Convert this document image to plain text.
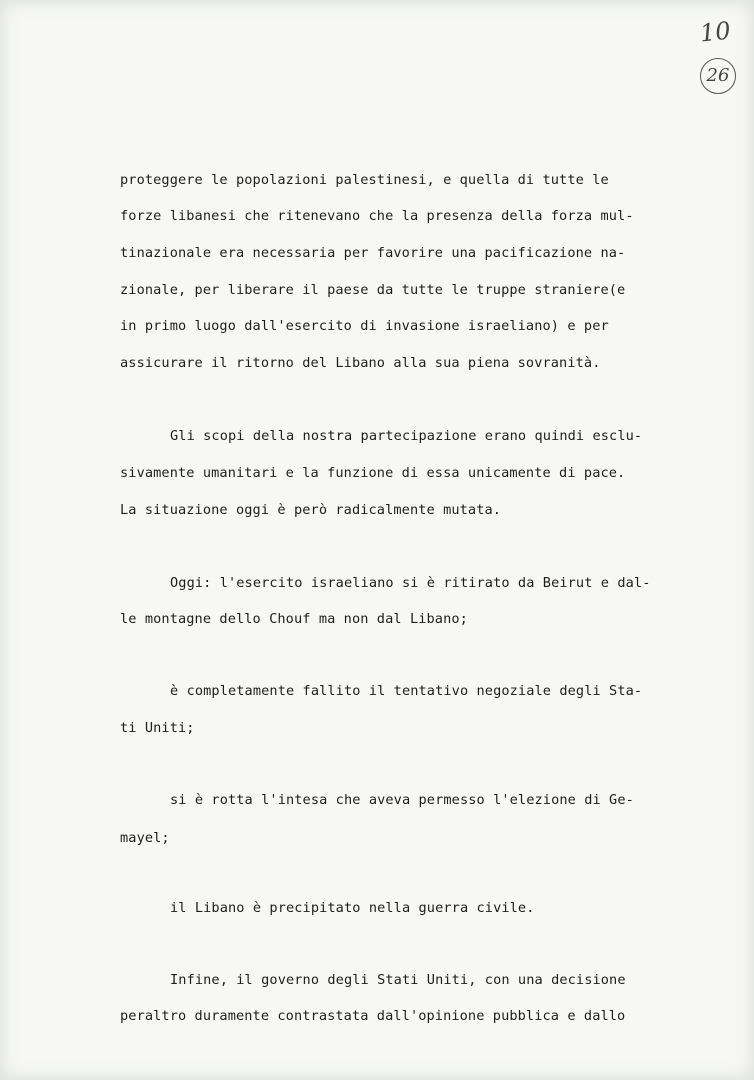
10
26
proteggere le popolazioni palestinesi, e quella di tutte le
forze libanesi che ritenevano che la presenza della forza mul-
tinazionale era necessaria per favorire una pacificazione na-
zionale, per liberare il paese da tutte le truppe straniere(e
in primo luogo dall'esercito di invasione israeliano) e per
assicurare il ritorno del Libano alla sua piena sovranità.
Gli scopi della nostra partecipazione erano quindi esclu-
sivamente umanitari e la funzione di essa unicamente di pace.
La situazione oggi è però radicalmente mutata.
Oggi: l'esercito israeliano si è ritirato da Beirut e dal-
le montagne dello Chouf ma non dal Libano;
è completamente fallito il tentativo negoziale degli Sta-
ti Uniti;
si è rotta l'intesa che aveva permesso l'elezione di Ge-
mayel;
il Libano è precipitato nella guerra civile.
Infine, il governo degli Stati Uniti, con una decisione
peraltro duramente contrastata dall'opinione pubblica e dallo
